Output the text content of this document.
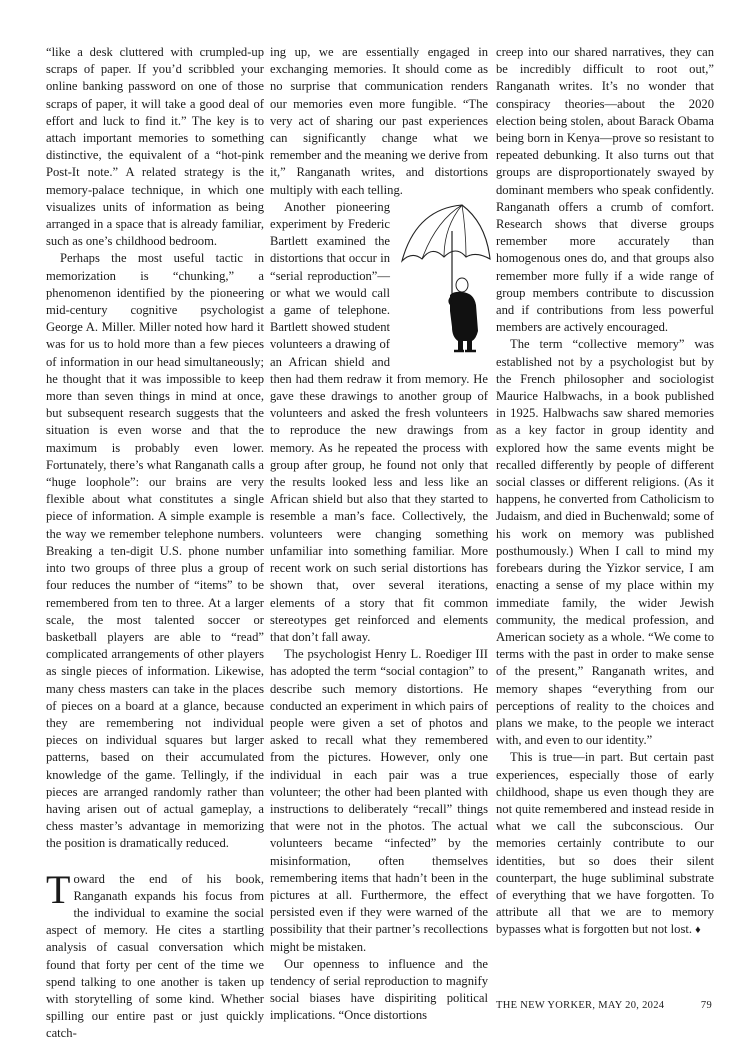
“like a desk cluttered with crumpled-up scraps of paper. If you’d scribbled your online banking password on one of those scraps of paper, it will take a good deal of effort and luck to find it.” The key is to attach important memories to something distinctive, the equivalent of a “hot-pink Post-It note.” A related strategy is the memory-palace technique, in which one visualizes units of information as being arranged in a space that is already familiar, such as one’s childhood bedroom.

Perhaps the most useful tactic in memorization is “chunking,” a phenomenon identified by the pioneering mid-century cognitive psychologist George A. Miller. Miller noted how hard it was for us to hold more than a few pieces of information in our head simultaneously; he thought that it was impossible to keep more than seven things in mind at once, but subsequent research suggests that the situation is even worse and that the maximum is probably even lower. Fortunately, there’s what Ranganath calls a “huge loophole”: our brains are very flexible about what constitutes a single piece of information. A simple example is the way we remember telephone numbers. Breaking a ten-digit U.S. phone number into two groups of three plus a group of four reduces the number of “items” to be remembered from ten to three. At a larger scale, the most talented soccer or basketball players are able to “read” complicated arrangements of other players as single pieces of information. Likewise, many chess masters can take in the places of pieces on a board at a glance, because they are remembering not individual pieces on individual squares but larger patterns, based on their accumulated knowledge of the game. Tellingly, if the pieces are arranged randomly rather than having arisen out of actual gameplay, a chess master’s advantage in memorizing the position is dramatically reduced.

Toward the end of his book, Ranganath expands his focus from the individual to examine the social aspect of memory. He cites a startling analysis of casual conversation which found that forty per cent of the time we spend talking to one another is taken up with storytelling of some kind. Whether spilling our entire past or just quickly catch-

ing up, we are essentially engaged in exchanging memories. It should come as no surprise that communication renders our memories even more fungible. “The very act of sharing our past experiences can significantly change what we remember and the meaning we derive from it,” Ranganath writes, and distortions multiply with each telling.

Another pioneering experiment by Frederic Bartlett examined the distortions that occur in “serial reproduction”—or what we would call a game of telephone. Bartlett showed student volunteers a drawing of an African shield and then had them redraw it from memory. He gave these drawings to another group of volunteers and asked the fresh volunteers to reproduce the new drawings from memory. As he repeated the process with group after group, he found not only that the results looked less and less like an African shield but also that they started to resemble a man’s face. Collectively, the volunteers were changing something unfamiliar into something familiar. More recent work on such serial distortions has shown that, over several iterations, elements of a story that fit common stereotypes get reinforced and elements that don’t fall away.

The psychologist Henry L. Roediger III has adopted the term “social contagion” to describe such memory distortions. He conducted an experiment in which pairs of people were given a set of photos and asked to recall what they remembered from the pictures. However, only one individual in each pair was a true volunteer; the other had been planted with instructions to deliberately “recall” things that were not in the photos. The actual volunteers became “infected” by the misinformation, often themselves remembering items that hadn’t been in the pictures at all. Furthermore, the effect persisted even if they were warned of the possibility that their partner’s recollections might be mistaken.

Our openness to influence and the tendency of serial reproduction to magnify social biases have dispiriting political implications. “Once distortions

creep into our shared narratives, they can be incredibly difficult to root out,” Ranganath writes. It’s no wonder that conspiracy theories—about the 2020 election being stolen, about Barack Obama being born in Kenya—prove so resistant to repeated debunking. It also turns out that groups are disproportionately swayed by dominant members who speak confidently. Ranganath offers a crumb of comfort. Research shows that diverse groups remember more accurately than homogenous ones do, and that groups also remember more fully if a wide range of group members contribute to discussion and if contributions from less powerful members are actively encouraged.

The term “collective memory” was established not by a psychologist but by the French philosopher and sociologist Maurice Halbwachs, in a book published in 1925. Halbwachs saw shared memories as a key factor in group identity and explored how the same events might be recalled differently by people of different social classes or different religions. (As it happens, he converted from Catholicism to Judaism, and died in Buchenwald; some of his work on memory was published posthumously.) When I call to mind my forebears during the Yizkor service, I am enacting a sense of my place within my immediate family, the wider Jewish community, the medical profession, and American society as a whole. “We come to terms with the past in order to make sense of the present,” Ranganath writes, and memory shapes “everything from our perceptions of reality to the choices and plans we make, to the people we interact with, and even to our identity.”

This is true—in part. But certain past experiences, especially those of early childhood, shape us even though they are not quite remembered and instead reside in what we call the subconscious. Our memories certainly contribute to our identities, but so does their silent counterpart, the huge subliminal substrate of everything that we have forgotten. To attribute all that we are to memory bypasses what is forgotten but not lost. ♦

THE NEW YORKER, MAY 20, 2024	79
